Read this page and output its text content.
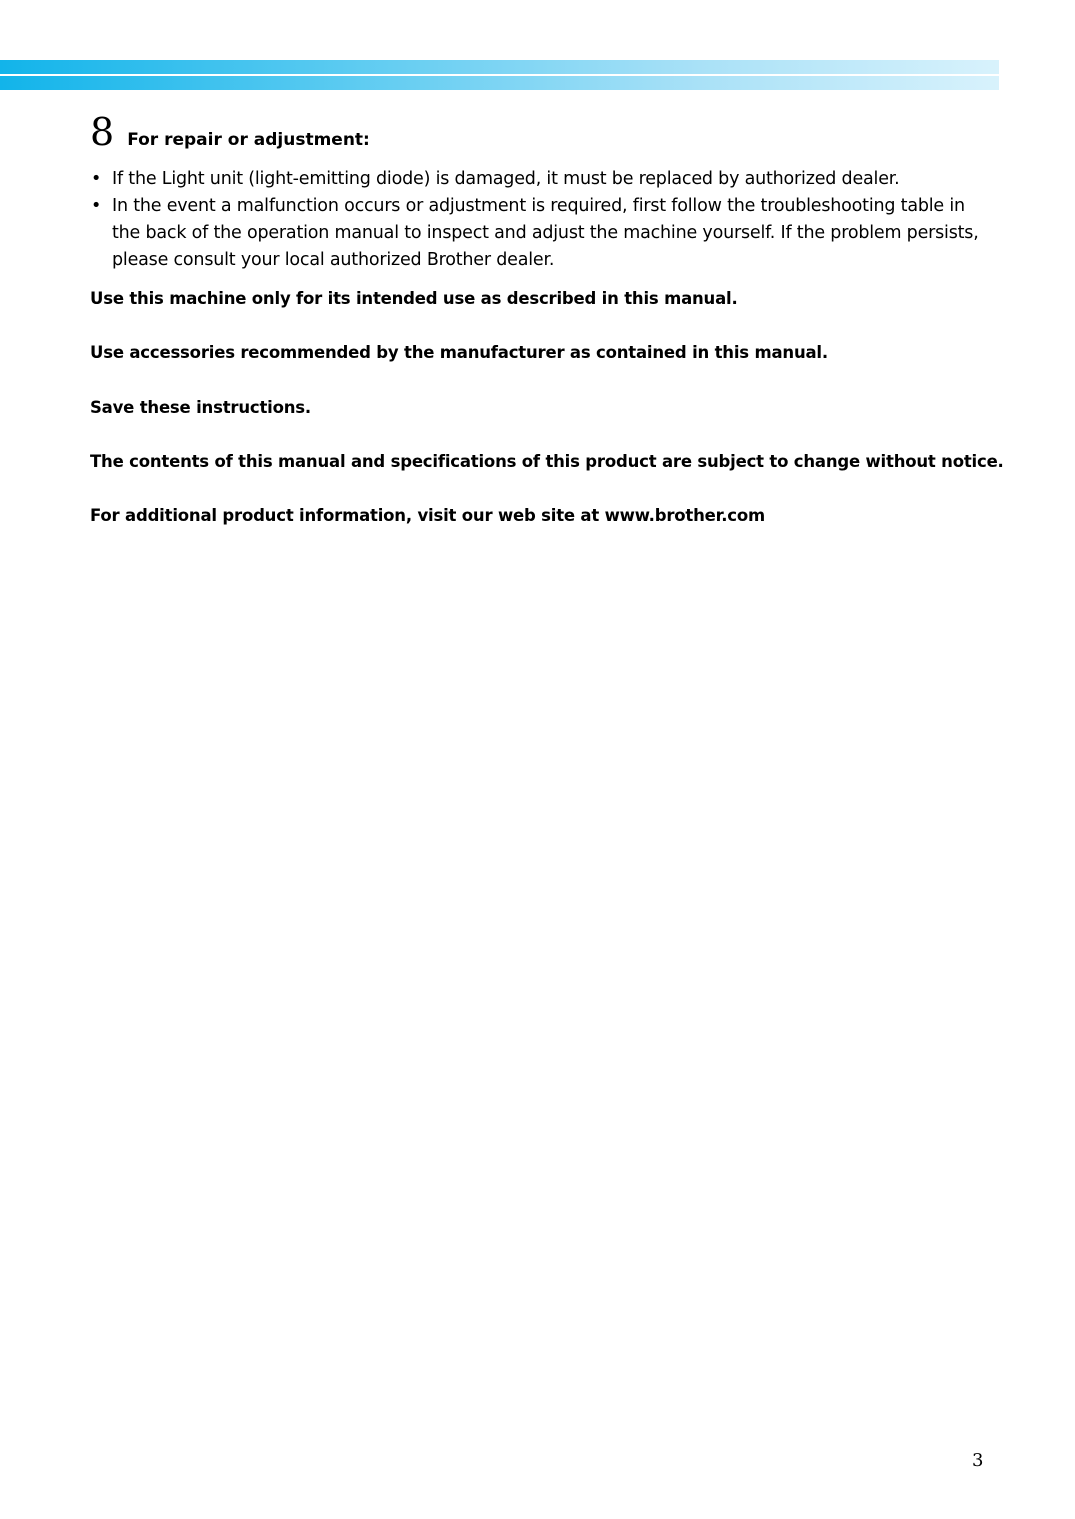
8 For repair or adjustment:
• If the Light unit (light-emitting diode) is damaged, it must be replaced by authorized dealer.
• In the event a malfunction occurs or adjustment is required, first follow the troubleshooting table in the back of the operation manual to inspect and adjust the machine yourself. If the problem persists, please consult your local authorized Brother dealer.
Use this machine only for its intended use as described in this manual.
Use accessories recommended by the manufacturer as contained in this manual.
Save these instructions.
The contents of this manual and specifications of this product are subject to change without notice.
For additional product information, visit our web site at www.brother.com
3
